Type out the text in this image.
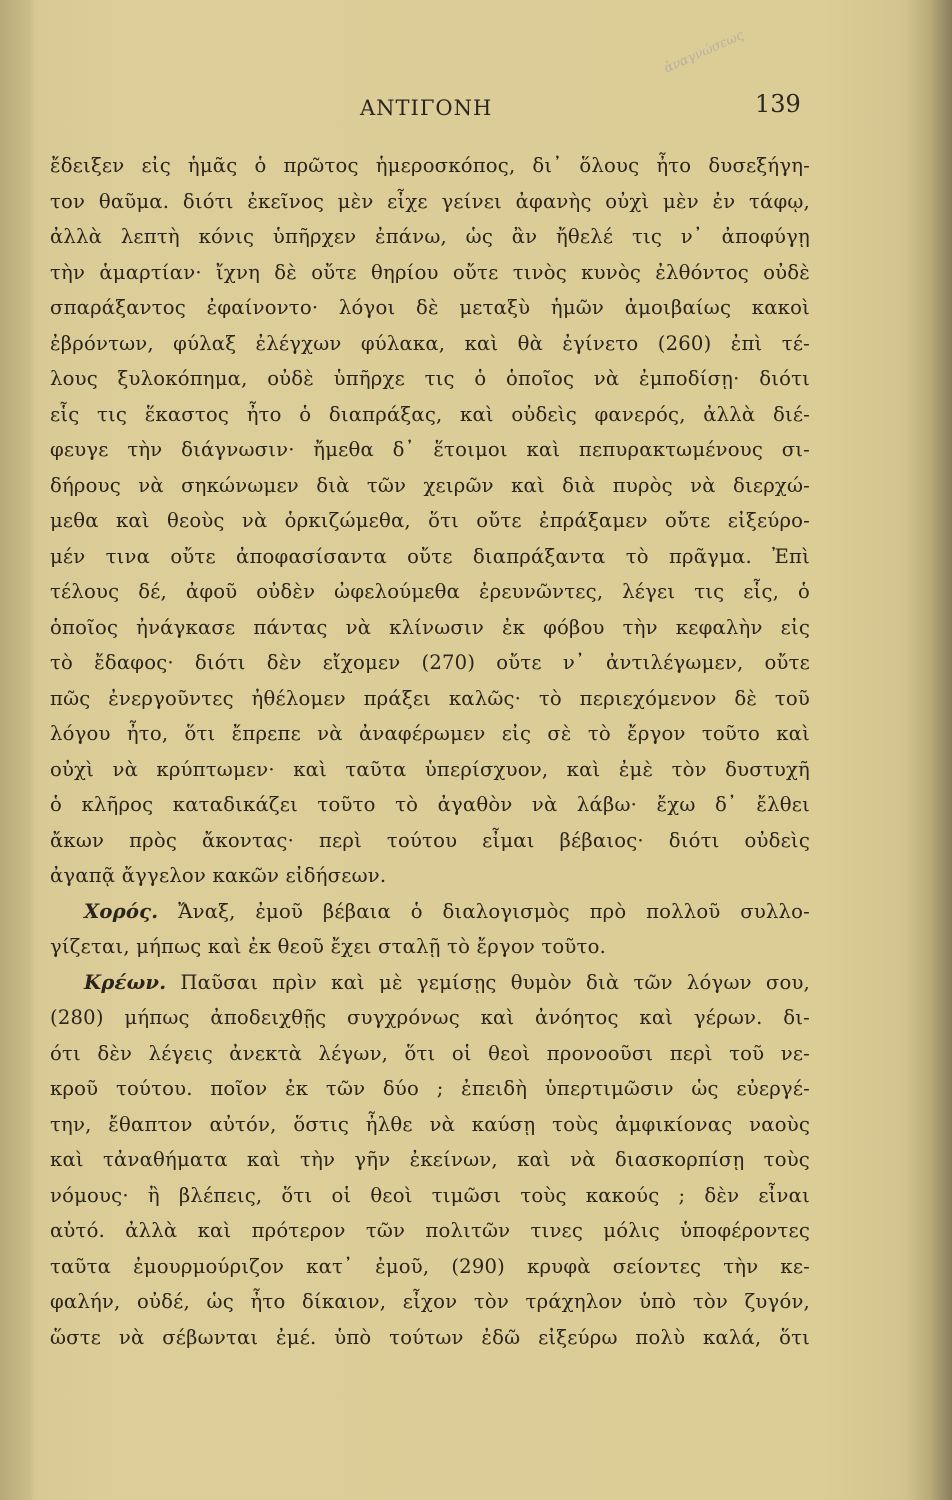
ΑΝΤΙΓΟΝΗ	139
ἀναγνώσεως
ἔδειξεν εἰς ἡμᾶς ὁ πρῶτος ἡμεροσκόπος, δι᾽ ὅλους ἦτο δυσεξήγη-
τον θαῦμα. διότι ἐκεῖνος μὲν εἶχε γείνει ἀφανὴς οὐχὶ μὲν ἐν τάφῳ,
ἀλλὰ λεπτὴ κόνις ὑπῆρχεν ἐπάνω, ὡς ἂν ἤθελέ τις ν᾽ ἀποφύγῃ
τὴν ἁμαρτίαν· ἴχνη δὲ οὔτε θηρίου οὔτε τινὸς κυνὸς ἐλθόντος οὐδὲ
σπαράξαντος ἐφαίνοντο· λόγοι δὲ μεταξὺ ἡμῶν ἀμοιβαίως κακοὶ
ἐβρόντων, φύλαξ ἐλέγχων φύλακα, καὶ θὰ ἐγίνετο (260) ἐπὶ τέ-
λους ξυλοκόπημα, οὐδὲ ὑπῆρχε τις ὁ ὁποῖος νὰ ἐμποδίσῃ· διότι
εἷς τις ἕκαστος ἦτο ὁ διαπράξας, καὶ οὐδεὶς φανερός, ἀλλὰ διέ-
φευγε τὴν διάγνωσιν· ἤμεθα δ᾽ ἕτοιμοι καὶ πεπυρακτωμένους σι-
δήρους νὰ σηκώνωμεν διὰ τῶν χειρῶν καὶ διὰ πυρὸς νὰ διερχώ-
μεθα καὶ θεοὺς νὰ ὁρκιζώμεθα, ὅτι οὔτε ἐπράξαμεν οὔτε εἰξεύρο-
μέν τινα οὔτε ἀποφασίσαντα οὔτε διαπράξαντα τὸ πρᾶγμα. Ἐπὶ
τέλους δέ, ἀφοῦ οὐδὲν ὠφελούμεθα ἐρευνῶντες, λέγει τις εἷς, ὁ
ὁποῖος ἠνάγκασε πάντας νὰ κλίνωσιν ἐκ φόβου τὴν κεφαλὴν εἰς
τὸ ἔδαφος· διότι δὲν εἴχομεν (270) οὔτε ν᾽ ἀντιλέγωμεν, οὔτε
πῶς ἐνεργοῦντες ἠθέλομεν πράξει καλῶς· τὸ περιεχόμενον δὲ τοῦ
λόγου ἦτο, ὅτι ἔπρεπε νὰ ἀναφέρωμεν εἰς σὲ τὸ ἔργον τοῦτο καὶ
οὐχὶ νὰ κρύπτωμεν· καὶ ταῦτα ὑπερίσχυον, καὶ ἐμὲ τὸν δυστυχῆ
ὁ κλῆρος καταδικάζει τοῦτο τὸ ἀγαθὸν νὰ λάβω· ἔχω δ᾽ ἔλθει
ἄκων πρὸς ἄκοντας· περὶ τούτου εἶμαι βέβαιος· διότι οὐδεὶς
ἀγαπᾷ ἄγγελον κακῶν εἰδήσεων.
Χορός. Ἄναξ, ἐμοῦ βέβαια ὁ διαλογισμὸς πρὸ πολλοῦ συλλο-
γίζεται, μήπως καὶ ἐκ θεοῦ ἔχει σταλῇ τὸ ἔργον τοῦτο.
Κρέων. Παῦσαι πρὶν καὶ μὲ γεμίσῃς θυμὸν διὰ τῶν λόγων σου,
(280) μήπως ἀποδειχθῇς συγχρόνως καὶ ἀνόητος καὶ γέρων. δι-
ότι δὲν λέγεις ἀνεκτὰ λέγων, ὅτι οἱ θεοὶ προνοοῦσι περὶ τοῦ νε-
κροῦ τούτου. ποῖον ἐκ τῶν δύο ; ἐπειδὴ ὑπερτιμῶσιν ὡς εὐεργέ-
την, ἔθαπτον αὐτόν, ὅστις ἦλθε νὰ καύσῃ τοὺς ἀμφικίονας ναοὺς
καὶ τἀναθήματα καὶ τὴν γῆν ἐκείνων, καὶ νὰ διασκορπίσῃ τοὺς
νόμους· ἢ βλέπεις, ὅτι οἱ θεοὶ τιμῶσι τοὺς κακούς ; δὲν εἶναι
αὐτό. ἀλλὰ καὶ πρότερον τῶν πολιτῶν τινες μόλις ὑποφέροντες
ταῦτα ἐμουρμούριζον κατ᾽ ἐμοῦ, (290) κρυφὰ σείοντες τὴν κε-
φαλήν, οὐδέ, ὡς ἦτο δίκαιον, εἶχον τὸν τράχηλον ὑπὸ τὸν ζυγόν,
ὥστε νὰ σέβωνται ἐμέ. ὑπὸ τούτων ἐδῶ εἰξεύρω πολὺ καλά, ὅτι
